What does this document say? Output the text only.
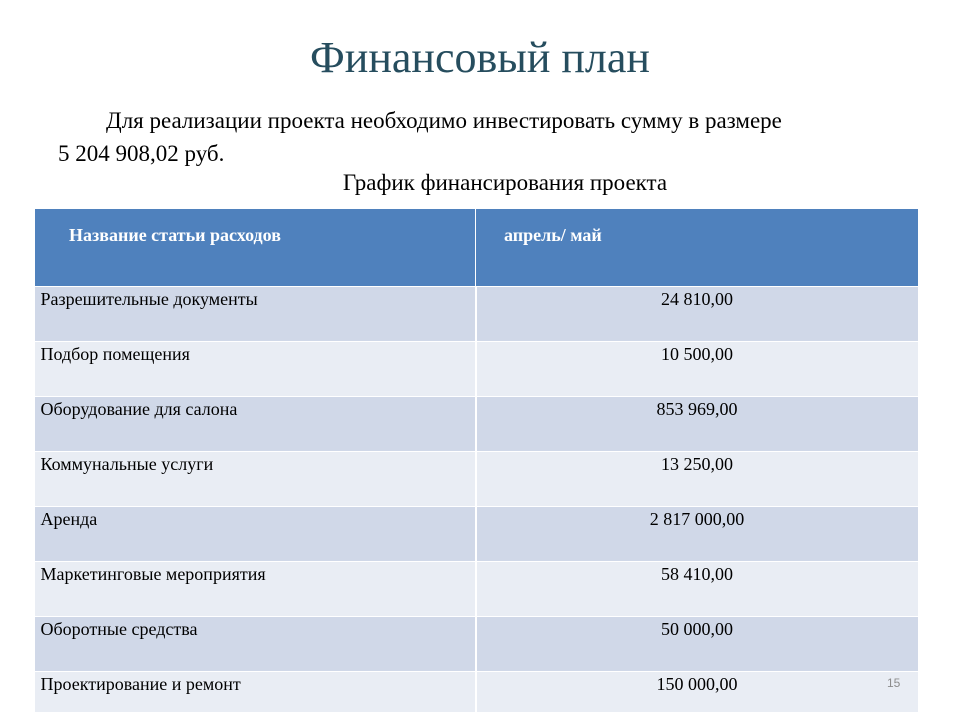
Финансовый план
Для реализации проекта необходимо инвестировать сумму в размере
5 204 908,02 руб.
График финансирования проекта
Название статьи расходов	апрель/ май
Разрешительные документы	24 810,00
Подбор помещения	10 500,00
Оборудование для салона	853 969,00
Коммунальные услуги	13 250,00
Аренда	2 817 000,00
Маркетинговые мероприятия	58 410,00
Оборотные средства	50 000,00
Проектирование и ремонт	150 000,00	15
